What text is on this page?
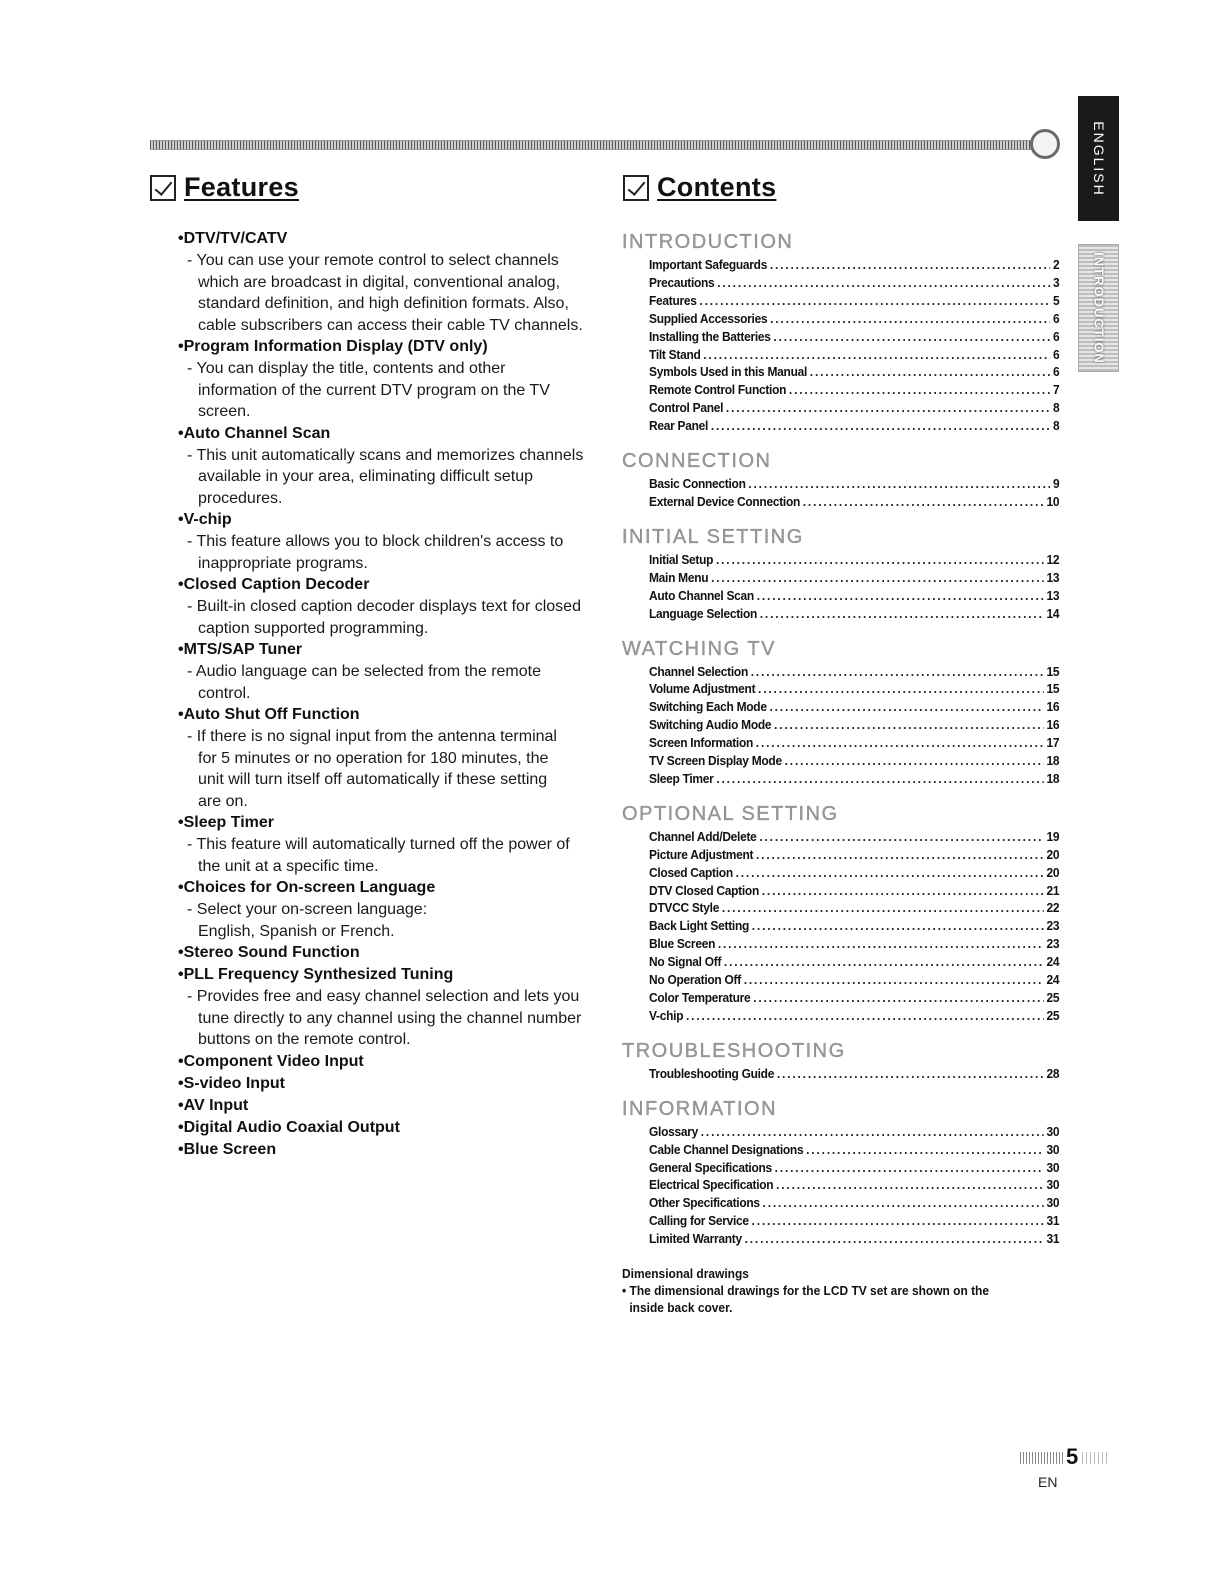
ENGLISH
INTRODUCTION
Features	Contents
• DTV/TV/CATV
- You can use your remote control to select channels
which are broadcast in digital, conventional analog,
standard definition, and high definition formats. Also,
cable subscribers can access their cable TV channels.
• Program Information Display (DTV only)
- You can display the title, contents and other
information of the current DTV program on the TV
screen.
• Auto Channel Scan
- This unit automatically scans and memorizes channels
available in your area, eliminating difficult setup
procedures.
• V-chip
- This feature allows you to block children's access to
inappropriate programs.
• Closed Caption Decoder
- Built-in closed caption decoder displays text for closed
caption supported programming.
• MTS/SAP Tuner
- Audio language can be selected from the remote
control.
• Auto Shut Off Function
- If there is no signal input from the antenna terminal
for 5 minutes or no operation for 180 minutes, the
unit will turn itself off automatically if these setting
are on.
• Sleep Timer
- This feature will automatically turned off the power of
the unit at a specific time.
• Choices for On-screen Language
- Select your on-screen language:
English, Spanish or French.
• Stereo Sound Function
• PLL Frequency Synthesized Tuning
- Provides free and easy channel selection and lets you
tune directly to any channel using the channel number
buttons on the remote control.
• Component Video Input
• S-video Input
• AV Input
• Digital Audio Coaxial Output
• Blue Screen
INTRODUCTION
Important Safeguards .....	2
Precautions .....	3
Features .....	5
Supplied Accessories .....	6
Installing the Batteries .....	6
Tilt Stand .....	6
Symbols Used in this Manual .....	6
Remote Control Function .....	7
Control Panel .....	8
Rear Panel .....	8
CONNECTION
Basic Connection .....	9
External Device Connection .....	10
INITIAL SETTING
Initial Setup .....	12
Main Menu .....	13
Auto Channel Scan .....	13
Language Selection .....	14
WATCHING TV
Channel Selection .....	15
Volume Adjustment .....	15
Switching Each Mode .....	16
Switching Audio Mode .....	16
Screen Information .....	17
TV Screen Display Mode .....	18
Sleep Timer .....	18
OPTIONAL SETTING
Channel Add/Delete .....	19
Picture Adjustment .....	20
Closed Caption .....	20
DTV Closed Caption .....	21
DTVCC Style .....	22
Back Light Setting .....	23
Blue Screen .....	23
No Signal Off .....	24
No Operation Off .....	24
Color Temperature .....	25
V-chip .....	25
TROUBLESHOOTING
Troubleshooting Guide .....	28
INFORMATION
Glossary .....	30
Cable Channel Designations .....	30
General Specifications .....	30
Electrical Specification .....	30
Other Specifications .....	30
Calling for Service .....	31
Limited Warranty .....	31
Dimensional drawings
• The dimensional drawings for the LCD TV set are shown on the inside back cover.
5
EN
